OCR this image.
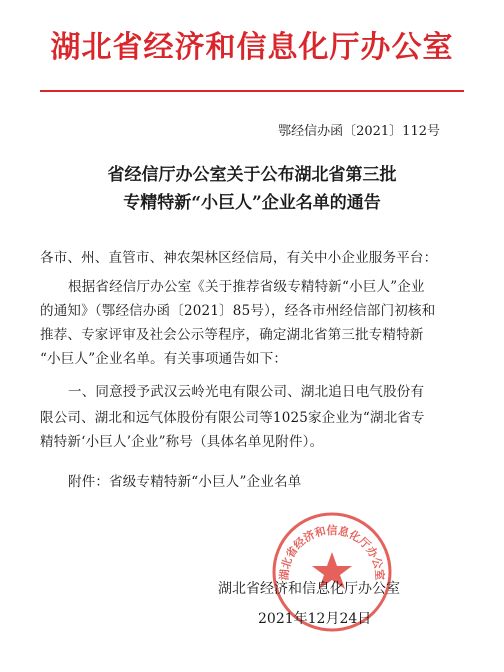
湖北省经济和信息化厅办公室
鄂经信办函〔2021〕112号
省经信厅办公室关于公布湖北省第三批
专精特新“小巨人”企业名单的通告
各市、州、直管市、神农架林区经信局，有关中小企业服务平台：
根据省经信厅办公室《关于推荐省级专精特新“小巨人”企业
的通知》（鄂经信办函〔2021〕85号），经各市州经信部门初核和
推荐、专家评审及社会公示等程序，确定湖北省第三批专精特新
“小巨人”企业名单。有关事项通告如下：
一、同意授予武汉云岭光电有限公司、湖北追日电气股份有
限公司、湖北和远气体股份有限公司等1025家企业为“湖北省专
精特新‘小巨人’企业”称号（具体名单见附件）。
附件：省级专精特新“小巨人”企业名单
湖北省经济和信息化厅办公室
湖北省经济和信息化厅办公室
2021年12月24日
